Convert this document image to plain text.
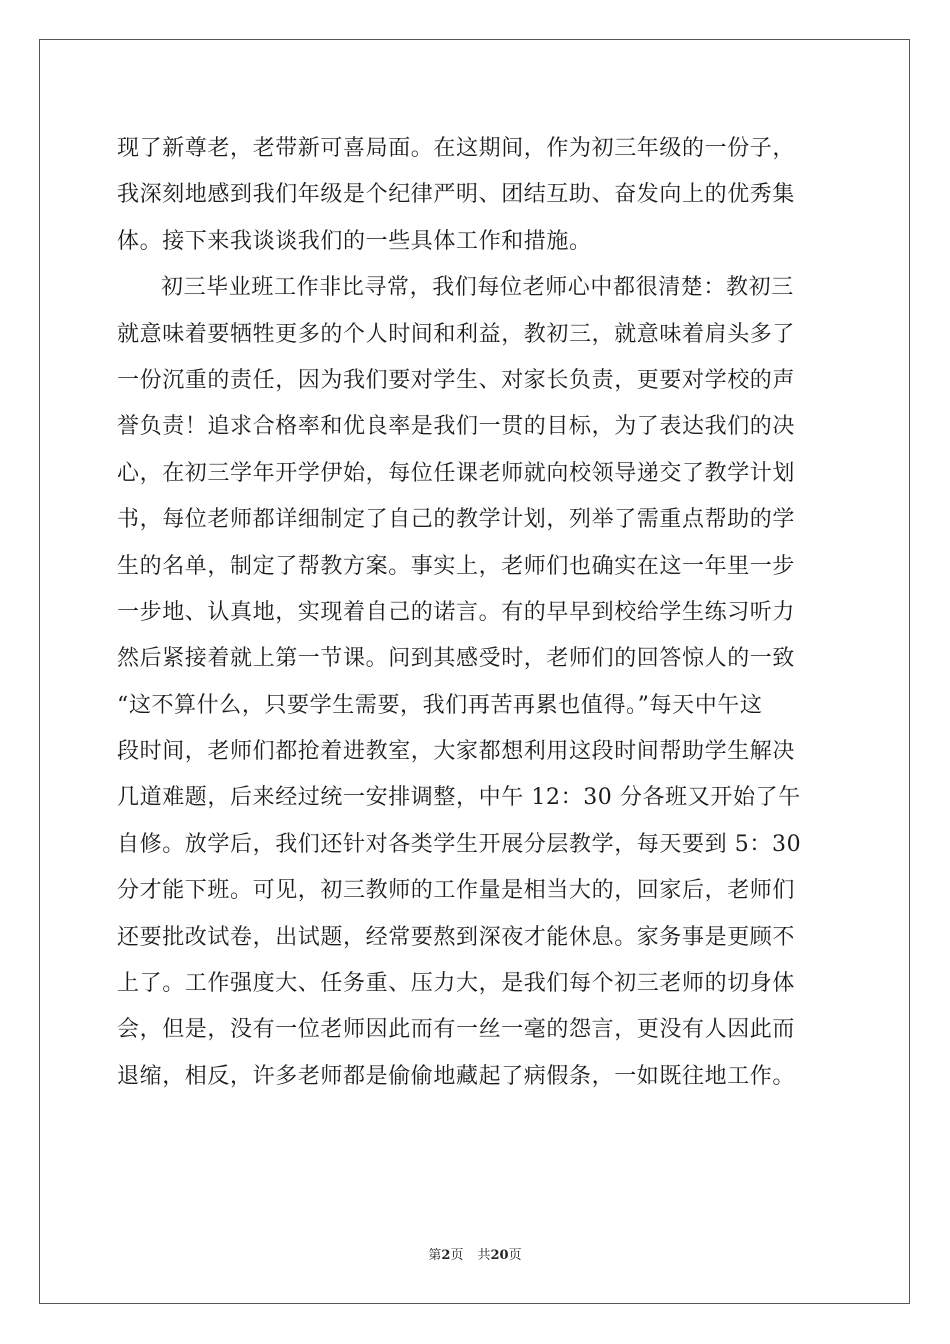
现了新尊老，老带新可喜局面。在这期间，作为初三年级的一份子，
我深刻地感到我们年级是个纪律严明、团结互助、奋发向上的优秀集
体。接下来我谈谈我们的一些具体工作和措施。
初三毕业班工作非比寻常，我们每位老师心中都很清楚：教初三
就意味着要牺牲更多的个人时间和利益，教初三，就意味着肩头多了
一份沉重的责任，因为我们要对学生、对家长负责，更要对学校的声
誉负责！追求合格率和优良率是我们一贯的目标，为了表达我们的决
心，在初三学年开学伊始，每位任课老师就向校领导递交了教学计划
书，每位老师都详细制定了自己的教学计划，列举了需重点帮助的学
生的名单，制定了帮教方案。事实上，老师们也确实在这一年里一步
一步地、认真地，实现着自己的诺言。有的早早到校给学生练习听力
然后紧接着就上第一节课。问到其感受时，老师们的回答惊人的一致
“这不算什么，只要学生需要，我们再苦再累也值得。”每天中午这
段时间，老师们都抢着进教室，大家都想利用这段时间帮助学生解决
几道难题，后来经过统一安排调整，中午 12：30 分各班又开始了午
自修。放学后，我们还针对各类学生开展分层教学，每天要到 5：30
分才能下班。可见，初三教师的工作量是相当大的，回家后，老师们
还要批改试卷，出试题，经常要熬到深夜才能休息。家务事是更顾不
上了。工作强度大、任务重、压力大，是我们每个初三老师的切身体
会，但是，没有一位老师因此而有一丝一毫的怨言，更没有人因此而
退缩，相反，许多老师都是偷偷地藏起了病假条，一如既往地工作。
第2页 共20页
